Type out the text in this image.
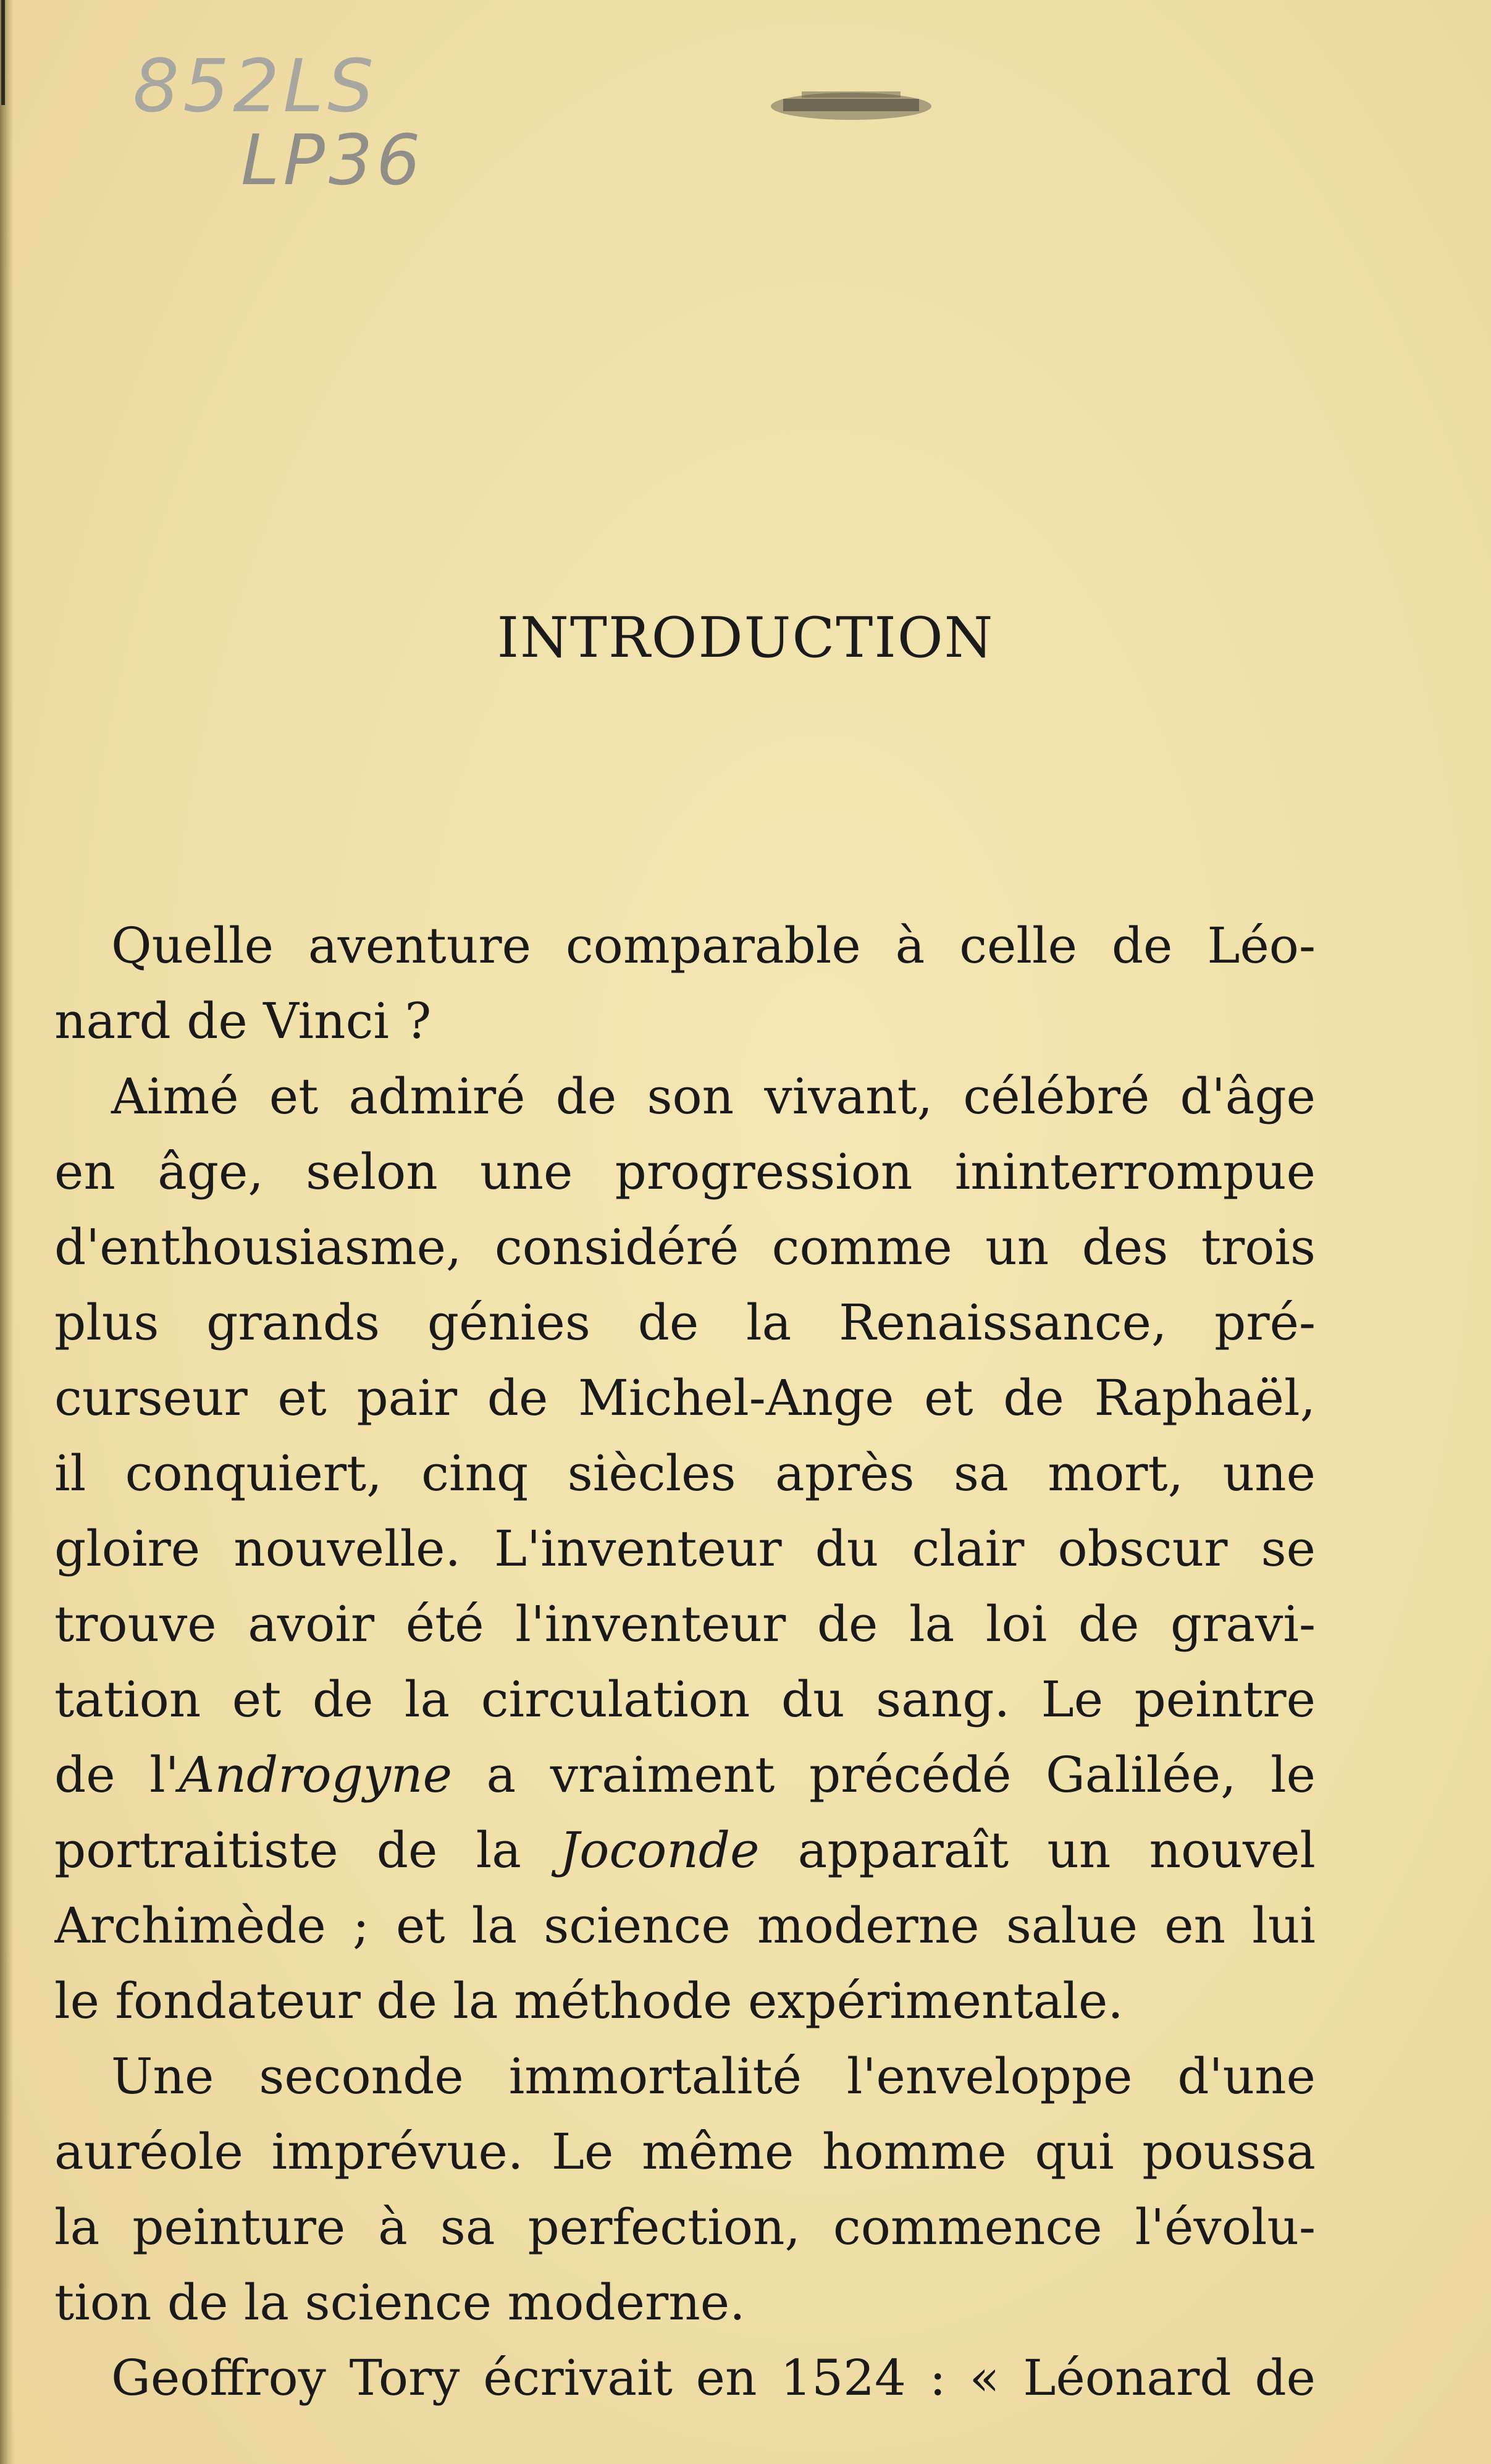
852LS
LP36
INTRODUCTION
Quelle aventure comparable à celle de Léo-
nard de Vinci ?
Aimé et admiré de son vivant, célébré d'âge
en âge, selon une progression ininterrompue
d'enthousiasme, considéré comme un des trois
plus grands génies de la Renaissance, pré-
curseur et pair de Michel-Ange et de Raphaël,
il conquiert, cinq siècles après sa mort, une
gloire nouvelle. L'inventeur du clair obscur se
trouve avoir été l'inventeur de la loi de gravi-
tation et de la circulation du sang. Le peintre
de l'Androgyne a vraiment précédé Galilée, le
portraitiste de la Joconde apparaît un nouvel
Archimède ; et la science moderne salue en lui
le fondateur de la méthode expérimentale.
Une seconde immortalité l'enveloppe d'une
auréole imprévue. Le même homme qui poussa
la peinture à sa perfection, commence l'évolu-
tion de la science moderne.
Geoffroy Tory écrivait en 1524 : « Léonard de
